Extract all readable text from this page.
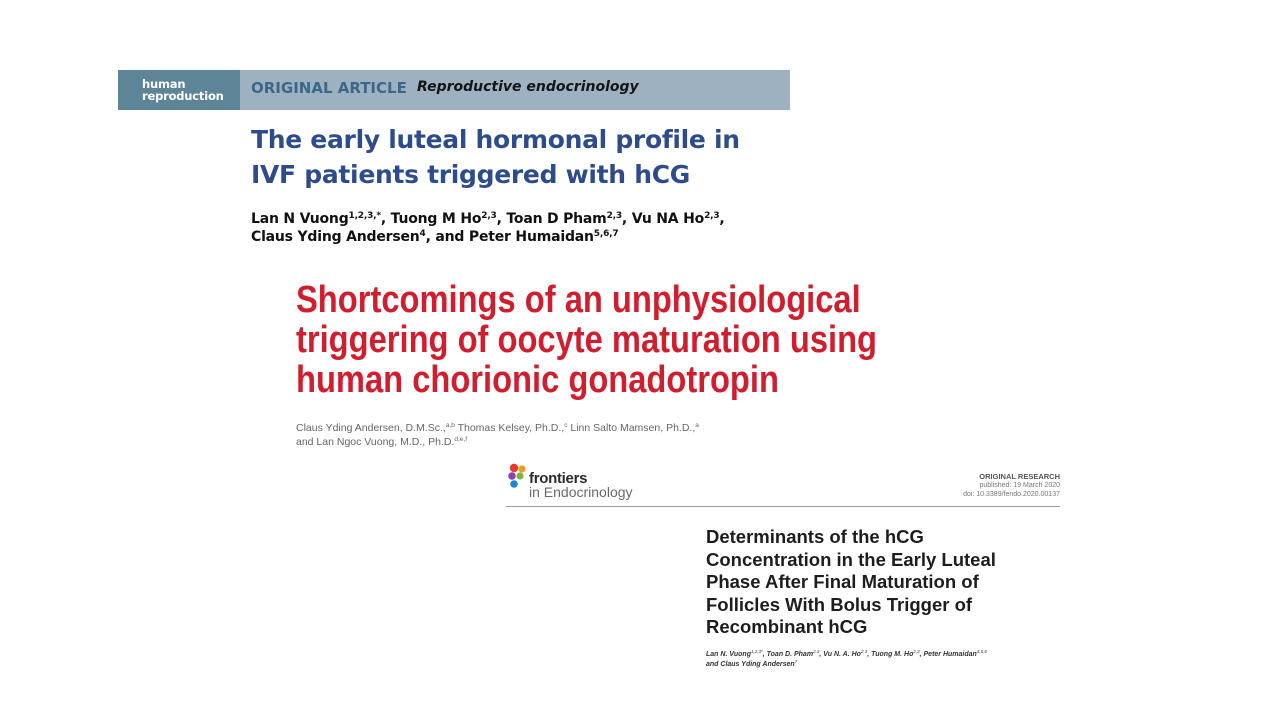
human
reproduction ORIGINAL ARTICLE Reproductive endocrinology
The early luteal hormonal profile in
IVF patients triggered with hCG
Lan N Vuong$^{1,2,3,*}$, Tuong M Ho$^{2,3}$, Toan D Pham$^{2,3}$, Vu NA Ho$^{2,3}$,
Claus Yding Andersen$^4$, and Peter Humaidan$^{5,6,7}$
Shortcomings of an unphysiological
triggering of oocyte maturation using
human chorionic gonadotropin
Claus Yding Andersen, D.M.Sc.,$^{a,b}$ Thomas Kelsey, Ph.D.,$^c$ Linn Salto Mamsen, Ph.D.,$^a$
and Lan Ngoc Vuong, M.D., Ph.D.$^{d,e,f}$
frontiers
in Endocrinology
ORIGINAL RESEARCH
published: 19 March 2020
doi: 10.3389/fendo.2020.00137
Determinants of the hCG
Concentration in the Early Luteal
Phase After Final Maturation of
Follicles With Bolus Trigger of
Recombinant hCG
Lan N. Vuong$^{1,2,3*}$, Toan D. Pham$^{2,3}$, Vu N. A. Ho$^{2,3}$, Tuong M. Ho$^{2,3}$, Peter Humaidan$^{4,5,6}$
and Claus Yding Andersen$^7$
